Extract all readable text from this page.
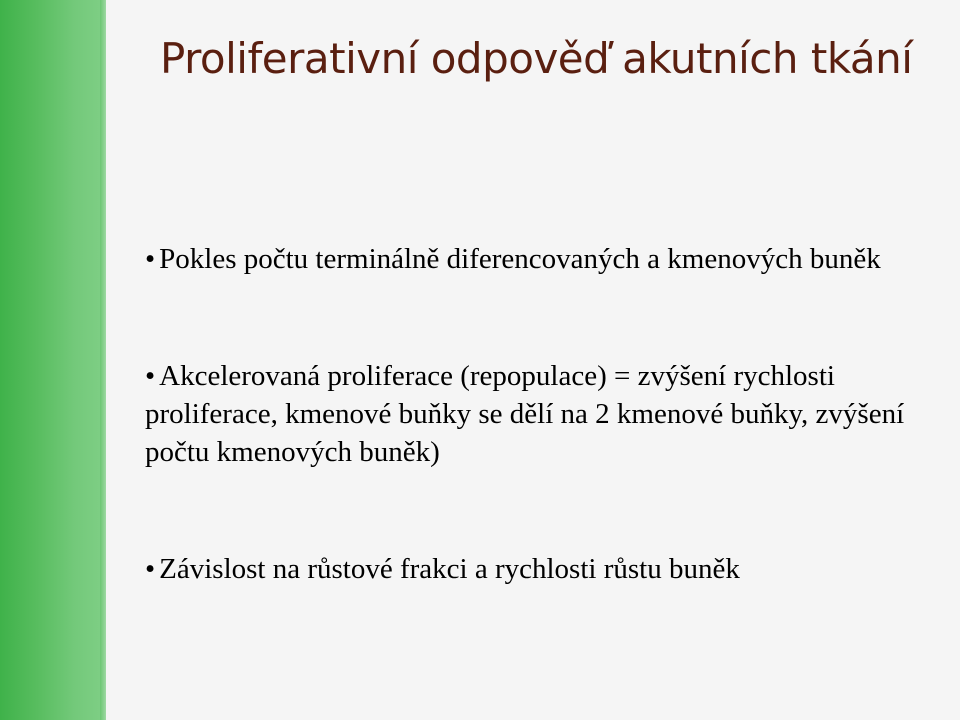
Proliferativní odpověď akutních tkání
• Pokles počtu terminálně diferencovaných a kmenových buněk
• Akcelerovaná proliferace (repopulace) = zvýšení rychlosti proliferace, kmenové buňky se dělí na 2 kmenové buňky, zvýšení počtu kmenových buněk)
• Závislost na růstové frakci a rychlosti růstu buněk
